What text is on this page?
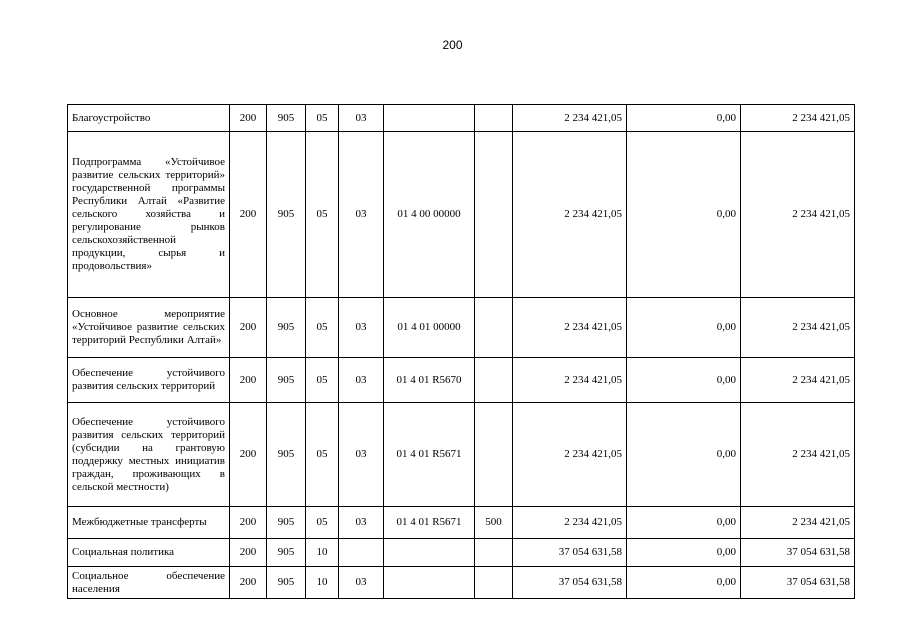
200
Благоустройство	200	905	05	03			2 234 421,05	0,00	2 234 421,05
Подпрограмма «Устойчивое развитие сельских территорий» государственной программы Республики Алтай «Развитие сельского хозяйства и регулирование рынков сельскохозяйственной продукции, сырья и продовольствия»	200	905	05	03	01 4 00 00000		2 234 421,05	0,00	2 234 421,05
Основное мероприятие «Устойчивое развитие сельских территорий Республики Алтай»	200	905	05	03	01 4 01 00000		2 234 421,05	0,00	2 234 421,05
Обеспечение устойчивого развития сельских территорий	200	905	05	03	01 4 01 R5670		2 234 421,05	0,00	2 234 421,05
Обеспечение устойчивого развития сельских территорий (субсидии на грантовую поддержку местных инициатив граждан, проживающих в сельской местности)	200	905	05	03	01 4 01 R5671		2 234 421,05	0,00	2 234 421,05
Межбюджетные трансферты	200	905	05	03	01 4 01 R5671	500	2 234 421,05	0,00	2 234 421,05
Социальная политика	200	905	10				37 054 631,58	0,00	37 054 631,58
Социальное обеспечение населения	200	905	10	03			37 054 631,58	0,00	37 054 631,58
